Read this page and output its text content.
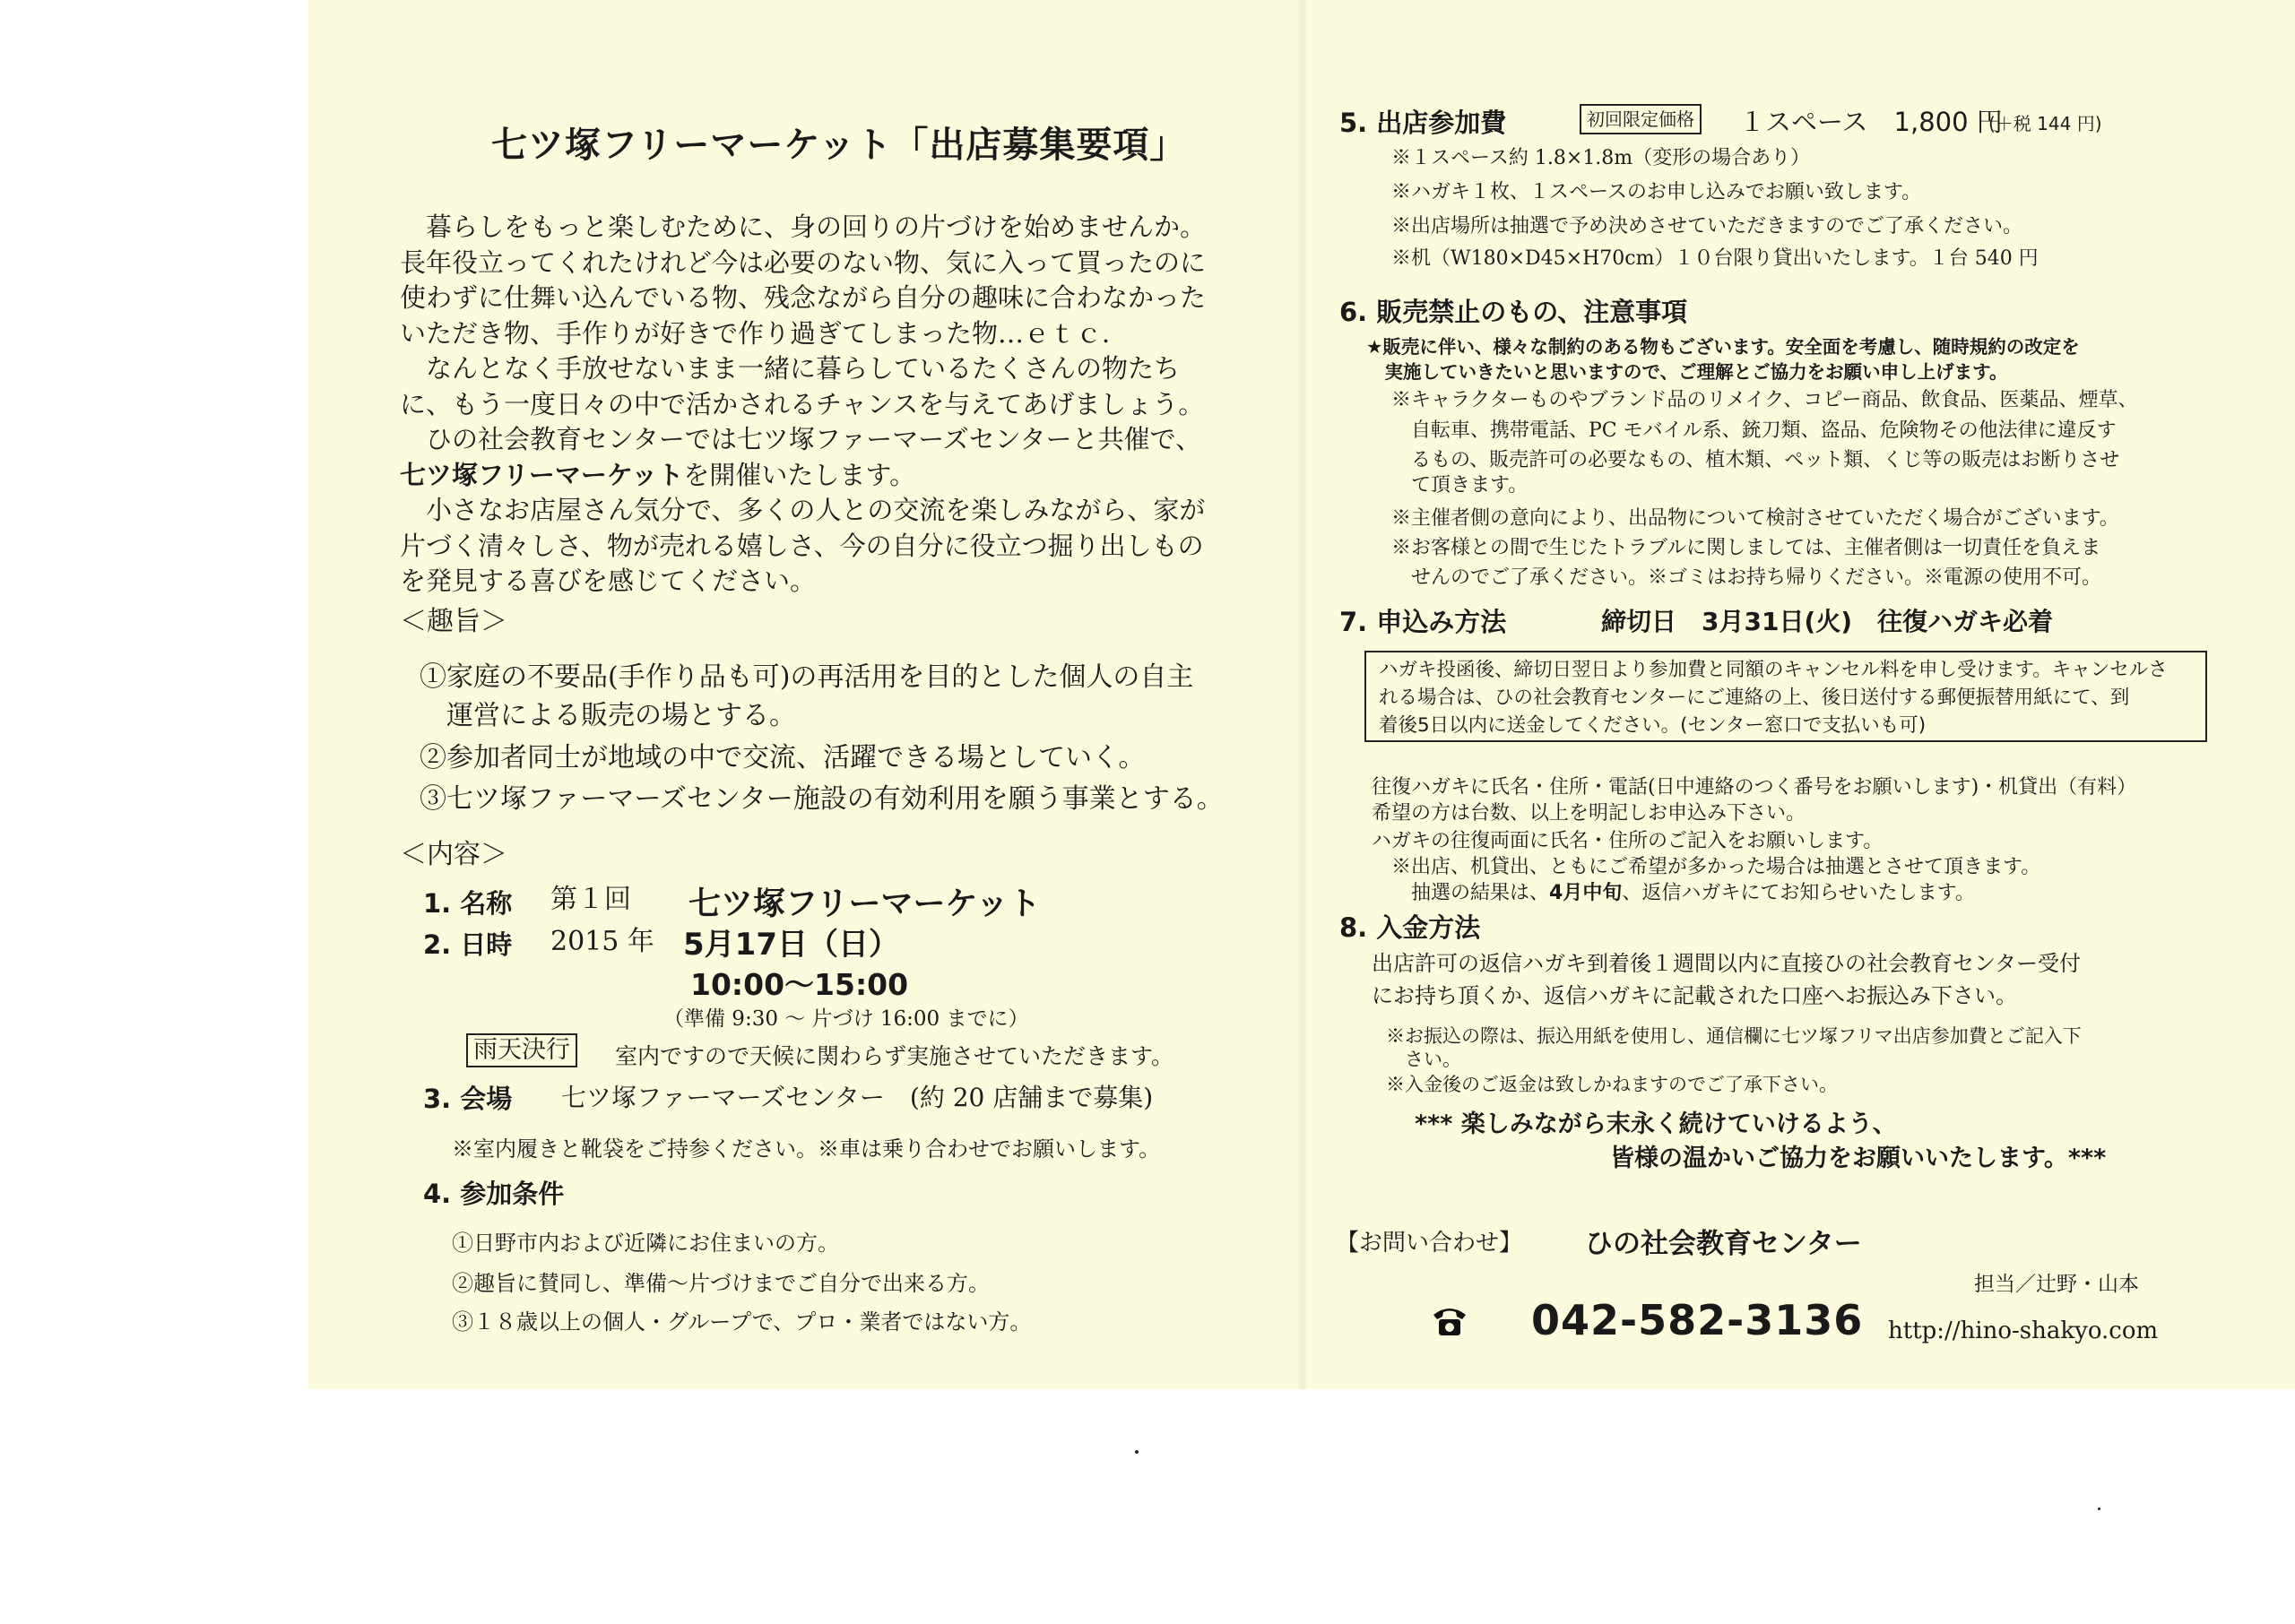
七ツ塚フリーマーケット「出店募集要項」

　暮らしをもっと楽しむために、身の回りの片づけを始めませんか。

長年役立ってくれたけれど今は必要のない物、気に入って買ったのに

使わずに仕舞い込んでいる物、残念ながら自分の趣味に合わなかった

いただき物、手作りが好きで作り過ぎてしまった物…ｅｔｃ．

　なんとなく手放せないまま一緒に暮らしているたくさんの物たち

に、もう一度日々の中で活かされるチャンスを与えてあげましょう。

　ひの社会教育センターでは七ツ塚ファーマーズセンターと共催で、

七ツ塚フリーマーケットを開催いたします。

　小さなお店屋さん気分で、多くの人との交流を楽しみながら、家が

片づく清々しさ、物が売れる嬉しさ、今の自分に役立つ掘り出しもの

を発見する喜びを感じてください。

＜趣旨＞
①家庭の不要品(手作り品も可)の再活用を目的とした個人の自主
　運営による販売の場とする。
②参加者同士が地域の中で交流、活躍できる場としていく。
③七ツ塚ファーマーズセンター施設の有効利用を願う事業とする。
＜内容＞
1. 名称 第１回 七ツ塚フリーマーケット
2. 日時 2015 年 5月17日（日）
10:00～15:00
（準備 9:30 ～ 片づけ 16:00 までに）
雨天決行	室内ですので天候に関わらず実施させていただきます。
3. 会場 七ツ塚ファーマーズセンター　(約 20 店舗まで募集)
※室内履きと靴袋をご持参ください。※車は乗り合わせでお願いします。
4. 参加条件
①日野市内および近隣にお住まいの方。
②趣旨に賛同し、準備～片づけまでご自分で出来る方。
③１８歳以上の個人・グループで、プロ・業者ではない方。
5. 出店参加費	初回限定価格 １スペース　1,800 円
(＋税 144 円)
※１スペース約 1.8×1.8m（変形の場合あり）
※ハガキ１枚、１スペースのお申し込みでお願い致します。
※出店場所は抽選で予め決めさせていただきますのでご了承ください。
※机（W180×D45×H70cm）１０台限り貸出いたします。１台 540 円
6. 販売禁止のもの、注意事項
★販売に伴い、様々な制約のある物もございます。安全面を考慮し、随時規約の改定を
　実施していきたいと思いますので、ご理解とご協力をお願い申し上げます。
※キャラクターものやブランド品のリメイク、コピー商品、飲食品、医薬品、煙草、
　自転車、携帯電話、PC モバイル系、銃刀類、盗品、危険物その他法律に違反す
　るもの、販売許可の必要なもの、植木類、ペット類、くじ等の販売はお断りさせ
　て頂きます。
※主催者側の意向により、出品物について検討させていただく場合がございます。
※お客様との間で生じたトラブルに関しましては、主催者側は一切責任を負えま
　せんのでご了承ください。※ゴミはお持ち帰りください。※電源の使用不可。
7. 申込み方法	締切日　3月31日(火)　往復ハガキ必着

ハガキ投函後、締切日翌日より参加費と同額のキャンセル料を申し受けます。キャンセルさ

れる場合は、ひの社会教育センターにご連絡の上、後日送付する郵便振替用紙にて、到

着後5日以内に送金してください。(センター窓口で支払いも可)

往復ハガキに氏名・住所・電話(日中連絡のつく番号をお願いします)・机貸出（有料）
希望の方は台数、以上を明記しお申込み下さい。
ハガキの往復両面に氏名・住所のご記入をお願いします。
　※出店、机貸出、ともにご希望が多かった場合は抽選とさせて頂きます。
　　抽選の結果は、4月中旬、返信ハガキにてお知らせいたします。
8. 入金方法
出店許可の返信ハガキ到着後１週間以内に直接ひの社会教育センター受付
にお持ち頂くか、返信ハガキに記載された口座へお振込み下さい。
※お振込の際は、振込用紙を使用し、通信欄に七ツ塚フリマ出店参加費とご記入下
　さい。
※入金後のご返金は致しかねますのでご了承下さい。
*** 楽しみながら末永く続けていけるよう、
皆様の温かいご協力をお願いいたします。***
【お問い合わせ】 ひの社会教育センター
担当／辻野・山本
042-582-3136 http://hino-shakyo.com
